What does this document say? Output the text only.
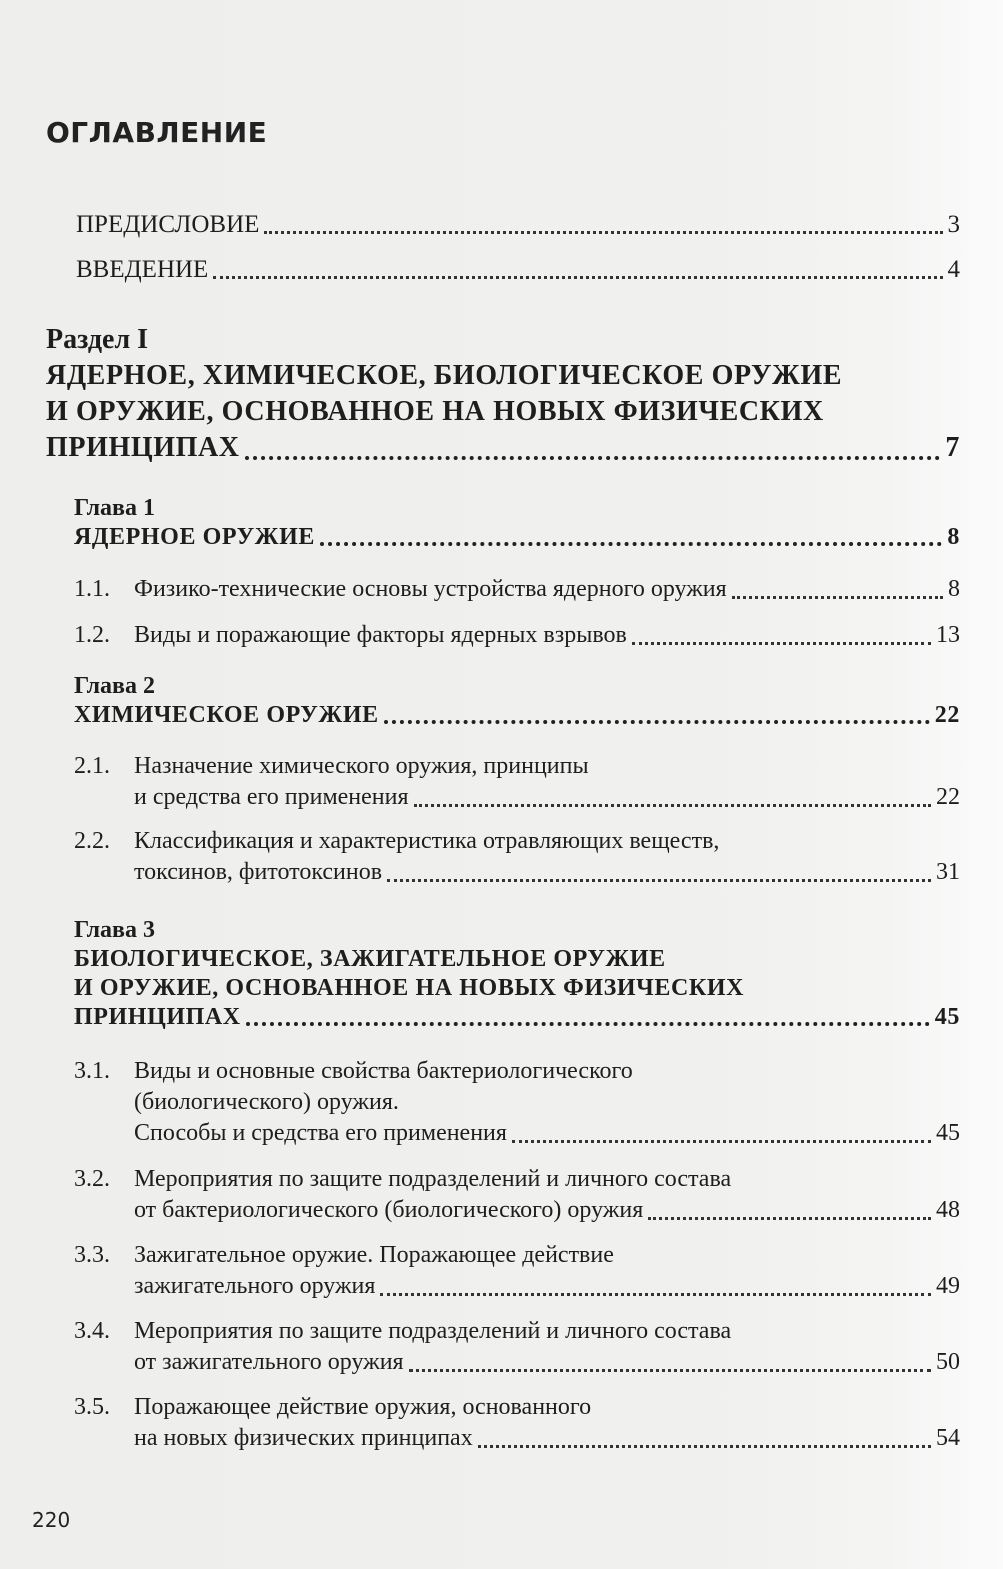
ОГЛАВЛЕНИЕ
ПРЕДИСЛОВИЕ	3
ВВЕДЕНИЕ	4
Раздел I
ЯДЕРНОЕ, ХИМИЧЕСКОЕ, БИОЛОГИЧЕСКОЕ ОРУЖИЕ
И ОРУЖИЕ, ОСНОВАННОЕ НА НОВЫХ ФИЗИЧЕСКИХ
ПРИНЦИПАХ	7
Глава 1
ЯДЕРНОЕ ОРУЖИЕ	8
1.1.	Физико-технические основы устройства ядерного оружия	8
1.2.	Виды и поражающие факторы ядерных взрывов	13
Глава 2
ХИМИЧЕСКОЕ ОРУЖИЕ	22
2.1.	Назначение химического оружия, принципы
и средства его применения	22
2.2.	Классификация и характеристика отравляющих веществ,
токсинов, фитотоксинов	31
Глава 3
БИОЛОГИЧЕСКОЕ, ЗАЖИГАТЕЛЬНОЕ ОРУЖИЕ
И ОРУЖИЕ, ОСНОВАННОЕ НА НОВЫХ ФИЗИЧЕСКИХ
ПРИНЦИПАХ	45
3.1.	Виды и основные свойства бактериологического
(биологического) оружия.
Способы и средства его применения	45
3.2.	Мероприятия по защите подразделений и личного состава
от бактериологического (биологического) оружия	48
3.3.	Зажигательное оружие. Поражающее действие
зажигательного оружия	49
3.4.	Мероприятия по защите подразделений и личного состава
от зажигательного оружия	50
3.5.	Поражающее действие оружия, основанного
на новых физических принципах	54
220
